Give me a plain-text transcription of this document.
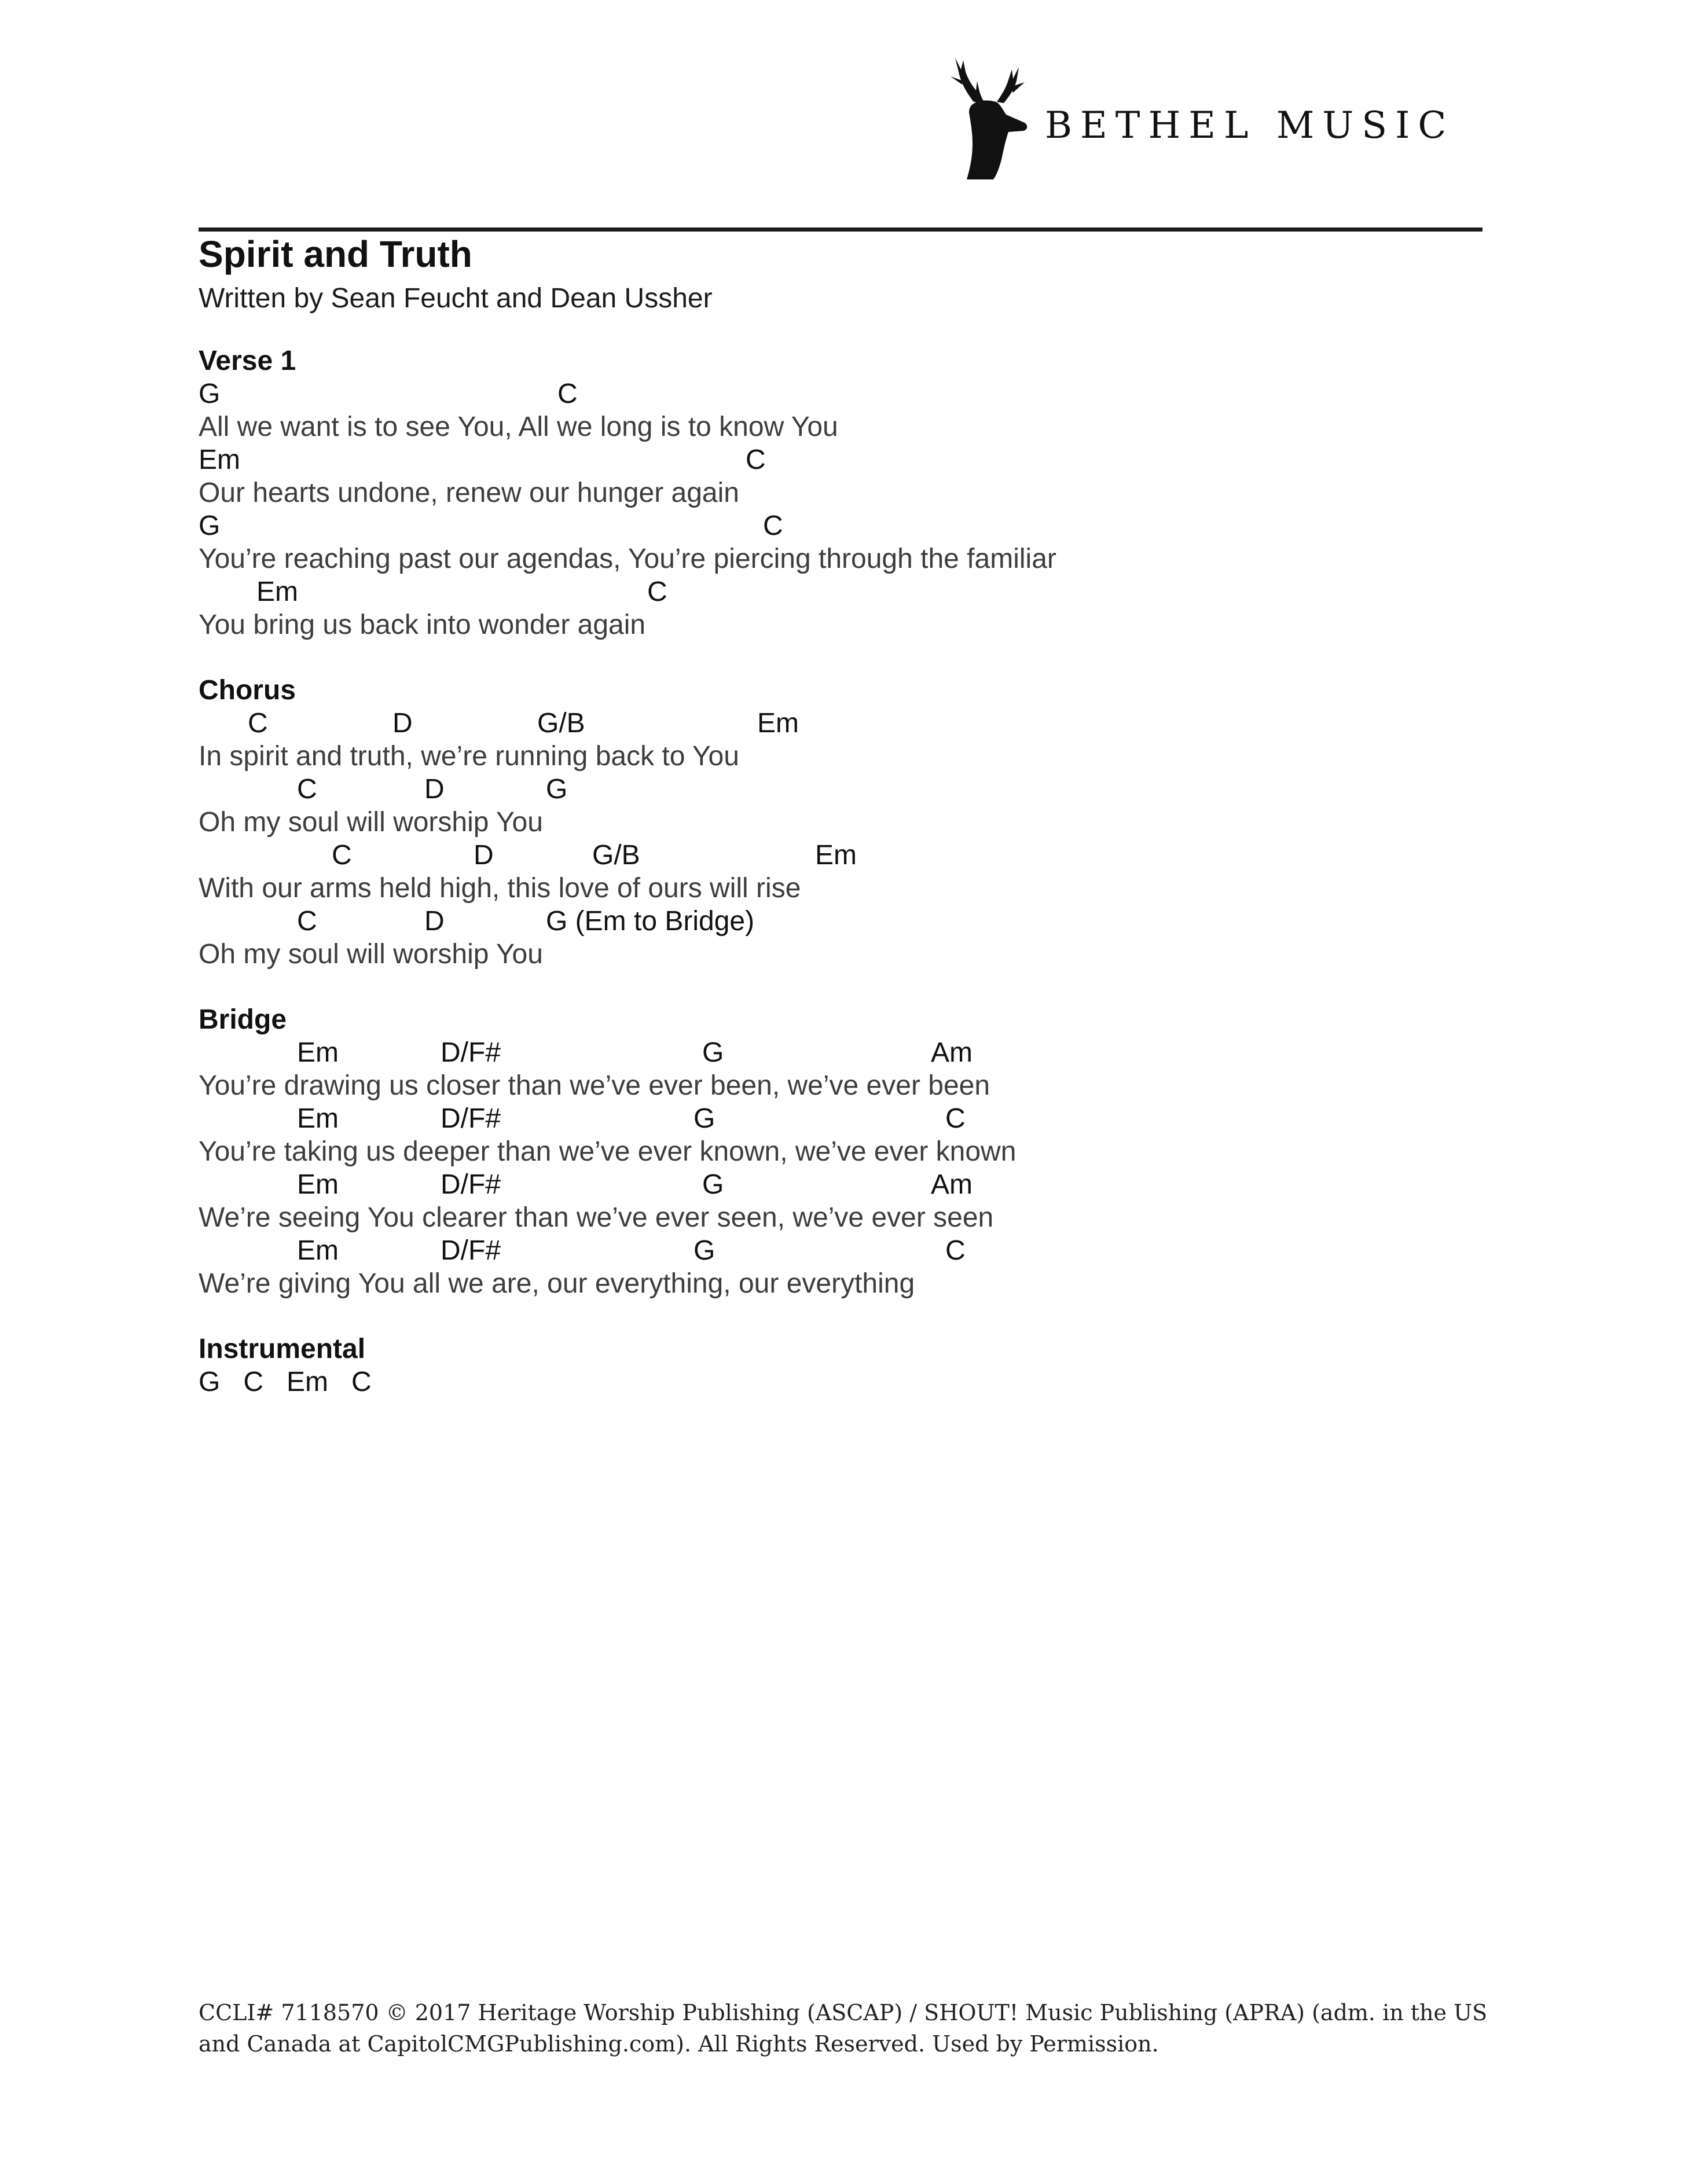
BETHEL MUSIC
Spirit and Truth
Written by Sean Feucht and Dean Ussher
Verse 1
G	C
All we want is to see You, All we long is to know You
Em	C
Our hearts undone, renew our hunger again
G	C
You’re reaching past our agendas, You’re piercing through the familiar
Em	C
You bring us back into wonder again
Chorus
C	D	G/B	Em
In spirit and truth, we’re running back to You
C	D	G
Oh my soul will worship You
C	D	G/B	Em
With our arms held high, this love of ours will rise
C	D	G (Em to Bridge)
Oh my soul will worship You
Bridge
Em	D/F#	G	Am
You’re drawing us closer than we’ve ever been, we’ve ever been
Em	D/F#	G	C
You’re taking us deeper than we’ve ever known, we’ve ever known
Em	D/F#	G	Am
We’re seeing You clearer than we’ve ever seen, we’ve ever seen
Em	D/F#	G	C
We’re giving You all we are, our everything, our everything
Instrumental
G C Em C
CCLI# 7118570 © 2017 Heritage Worship Publishing (ASCAP) / SHOUT! Music Publishing (APRA) (adm. in the US
and Canada at CapitolCMGPublishing.com). All Rights Reserved. Used by Permission.
